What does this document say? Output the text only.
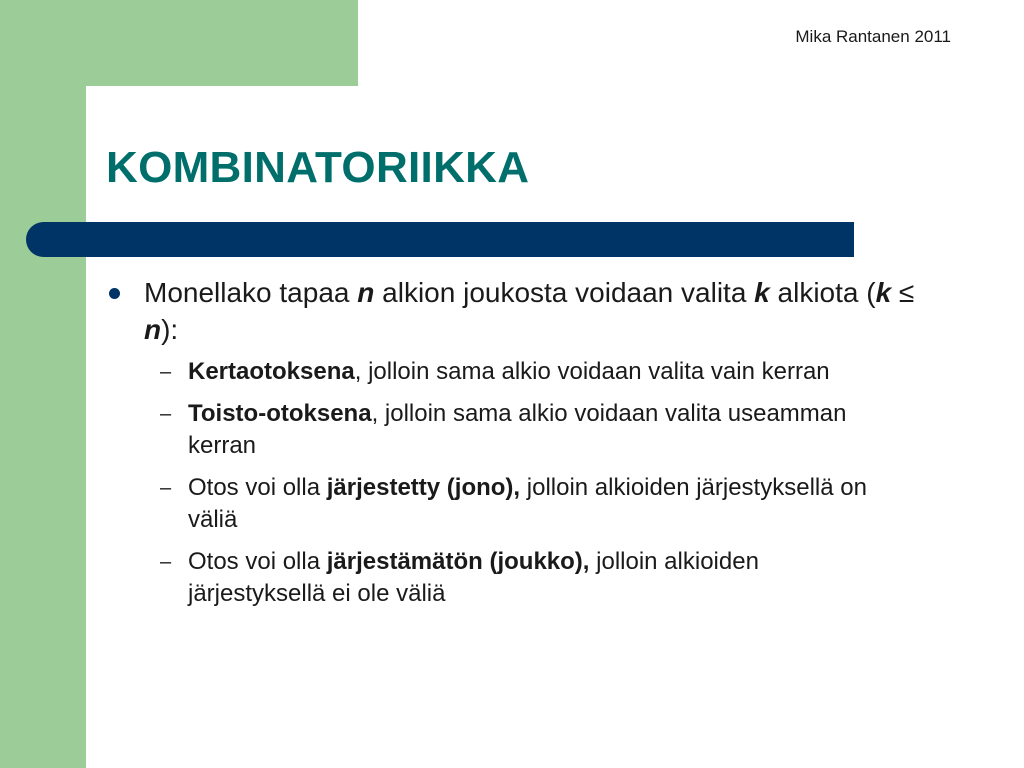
Mika Rantanen 2011
KOMBINATORIIKKA
Monellako tapaa n alkion joukosta voidaan valita k alkiota (k ≤ n):
– Kertaotoksena, jolloin sama alkio voidaan valita vain kerran
– Toisto-otoksena, jolloin sama alkio voidaan valita useamman kerran
– Otos voi olla järjestetty (jono), jolloin alkioiden järjestyksellä on väliä
– Otos voi olla järjestämätön (joukko), jolloin alkioiden järjestyksellä ei ole väliä
